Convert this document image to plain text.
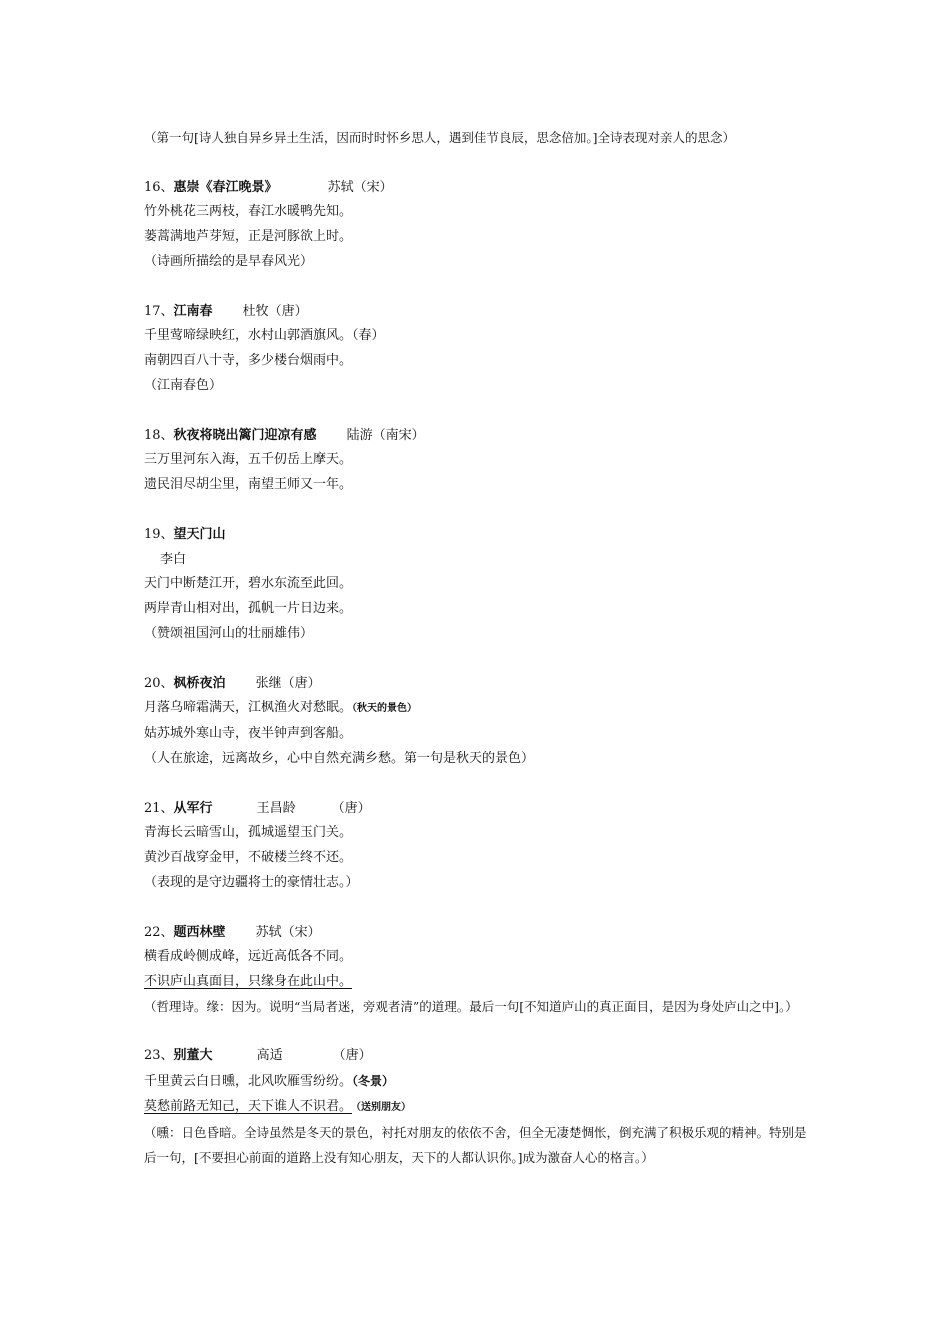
（第一句[诗人独自异乡异土生活，因而时时怀乡思人，遇到佳节良辰，思念倍加。]全诗表现对亲人的思念）
16、惠崇《春江晚景》	苏轼（宋）
竹外桃花三两枝，春江水暖鸭先知。
蒌蒿满地芦芽短，正是河豚欲上时。
（诗画所描绘的是早春风光）
17、江南春 杜牧（唐）
千里莺啼绿映红，水村山郭酒旗风。（春）
南朝四百八十寺，多少楼台烟雨中。
（江南春色）
18、秋夜将晓出篱门迎凉有感 陆游（南宋）
三万里河东入海，五千仞岳上摩天。
遗民泪尽胡尘里，南望王师又一年。
19、望天门山
李白
天门中断楚江开，碧水东流至此回。
两岸青山相对出，孤帆一片日边来。
（赞颂祖国河山的壮丽雄伟）
20、枫桥夜泊 张继（唐）
月落乌啼霜满天，江枫渔火对愁眠。（秋天的景色）
姑苏城外寒山寺，夜半钟声到客船。
（人在旅途，远离故乡，心中自然充满乡愁。第一句是秋天的景色）
21、从军行	王昌龄	（唐）
青海长云暗雪山，孤城遥望玉门关。
黄沙百战穿金甲，不破楼兰终不还。
（表现的是守边疆将士的豪情壮志。）
22、题西林壁 苏轼（宋）
横看成岭侧成峰，远近高低各不同。
不识庐山真面目，只缘身在此山中。
（哲理诗。缘：因为。说明“当局者迷，旁观者清”的道理。最后一句[不知道庐山的真正面目，是因为身处庐山之中]。）
23、别董大	高适	（唐）
千里黄云白日曛，北风吹雁雪纷纷。（冬景）
莫愁前路无知己，天下谁人不识君。 （送别朋友）
（曛：日色昏暗。全诗虽然是冬天的景色，衬托对朋友的依依不舍，但全无凄楚惆怅，倒充满了积极乐观的精神。特别是后一句，[不要担心前面的道路上没有知心朋友，天下的人都认识你。]成为激奋人心的格言。）
